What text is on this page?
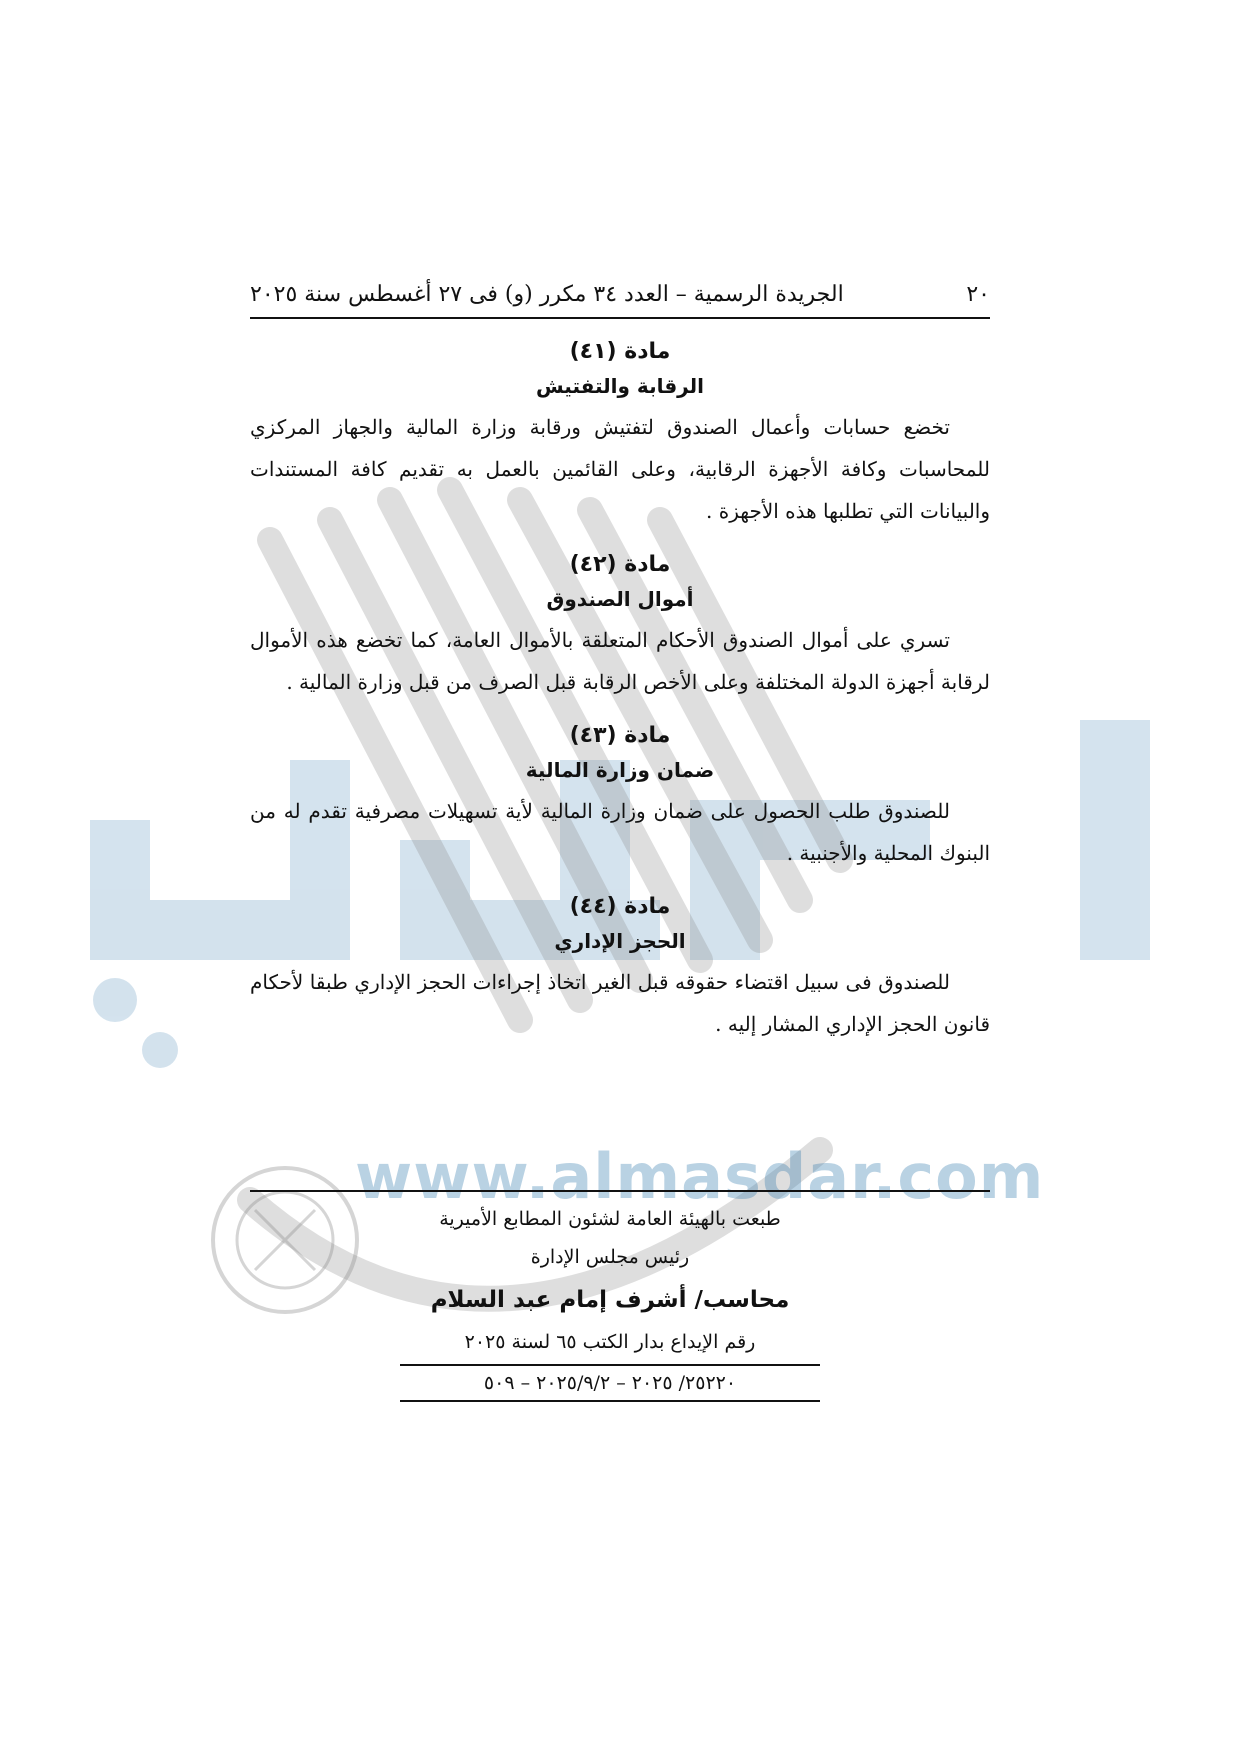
www.almasdar.com
٢٠
الجريدة الرسمية – العدد ٣٤ مكرر (و) فى ٢٧ أغسطس سنة ٢٠٢٥
مادة (٤١)
الرقابة والتفتيش
تخضع حسابات وأعمال الصندوق لتفتيش ورقابة وزارة المالية والجهاز المركزي للمحاسبات وكافة الأجهزة الرقابية، وعلى القائمين بالعمل به تقديم كافة المستندات والبيانات التي تطلبها هذه الأجهزة .
مادة (٤٢)
أموال الصندوق
تسري على أموال الصندوق الأحكام المتعلقة بالأموال العامة، كما تخضع هذه الأموال لرقابة أجهزة الدولة المختلفة وعلى الأخص الرقابة قبل الصرف من قبل وزارة المالية .
مادة (٤٣)
ضمان وزارة المالية
للصندوق طلب الحصول على ضمان وزارة المالية لأية تسهيلات مصرفية تقدم له من البنوك المحلية والأجنبية .
مادة (٤٤)
الحجز الإداري
للصندوق فى سبيل اقتضاء حقوقه قبل الغير اتخاذ إجراءات الحجز الإداري طبقا لأحكام قانون الحجز الإداري المشار إليه .
طبعت بالهيئة العامة لشئون المطابع الأميرية
رئيس مجلس الإدارة
محاسب/ أشرف إمام عبد السلام
رقم الإيداع بدار الكتب ٦٥ لسنة ٢٠٢٥
٢٥٢٢٠/ ٢٠٢٥ – ٢٠٢٥/٩/٢ – ٥٠٩
